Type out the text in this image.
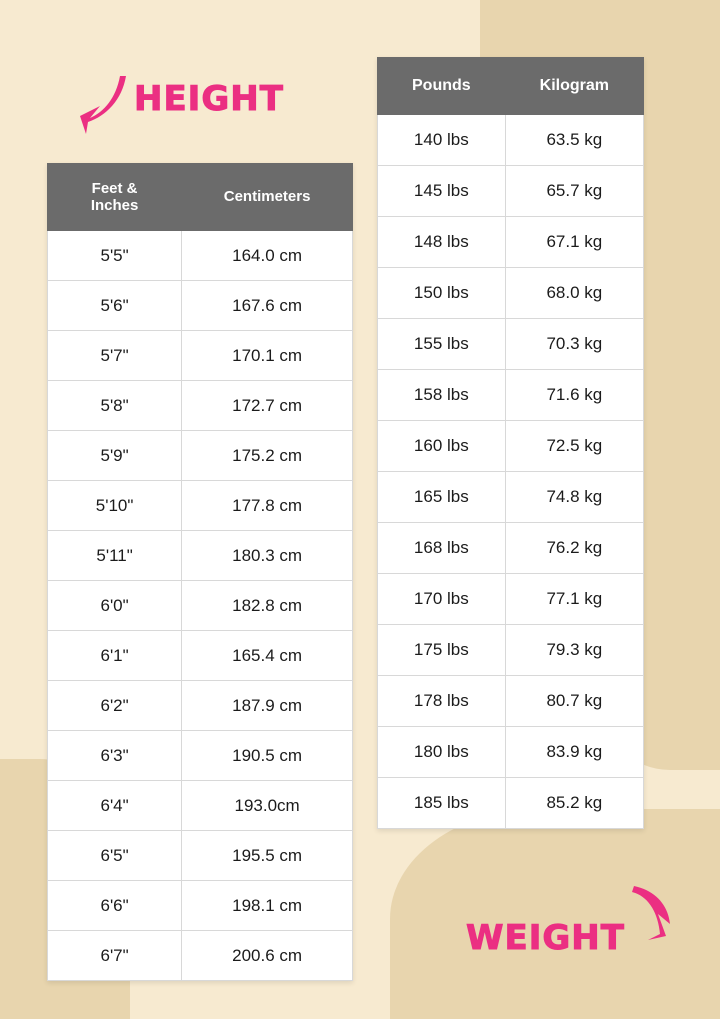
HEIGHT
WEIGHT
Feet &
Inches	Centimeters
5'5"	164.0 cm
5'6"	167.6 cm
5'7"	170.1 cm
5'8"	172.7 cm
5'9"	175.2 cm
5'10"	177.8 cm
5'11"	180.3 cm
6'0"	182.8 cm
6'1"	165.4 cm
6'2"	187.9 cm
6'3"	190.5 cm
6'4"	193.0cm
6'5"	195.5 cm
6'6"	198.1 cm
6'7"	200.6 cm
Pounds	Kilogram
140 lbs	63.5 kg
145 lbs	65.7 kg
148 lbs	67.1 kg
150 lbs	68.0 kg
155 lbs	70.3 kg
158 lbs	71.6 kg
160 lbs	72.5 kg
165 lbs	74.8 kg
168 lbs	76.2 kg
170 lbs	77.1 kg
175 lbs	79.3 kg
178 lbs	80.7 kg
180 lbs	83.9 kg
185 lbs	85.2 kg
